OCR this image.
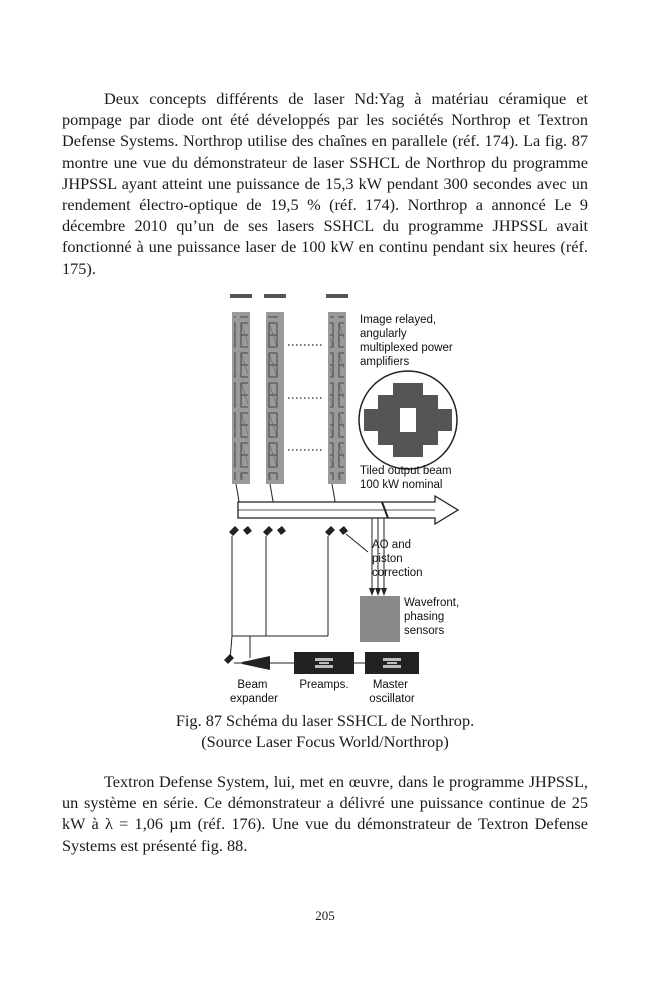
Deux concepts différents de laser Nd:Yag à matériau céramique et pompage par diode ont été développés par les sociétés Northrop et Textron Defense Systems. Northrop utilise des chaînes en parallele (réf. 174). La fig. 87 montre une vue du démonstrateur de laser SSHCL de Northrop du programme JHPSSL ayant atteint une puissance de 15,3 kW pendant 300 secondes avec un rendement électro-optique de 19,5 % (réf. 174). Northrop a annoncé Le 9 décembre 2010 qu’un de ses lasers SSHCL du programme JHPSSL avait fonctionné à une puissance laser de 100 kW en continu pendant six heures (réf. 175).

Image relayed, angularly multiplexed power amplifiers
Tiled output beam 100 kW nominal
AO and piston correction
Wavefront, phasing sensors
Beam expander
Preamps.	Master oscillator
Fig. 87 Schéma du laser SSHCL de Northrop.
(Source Laser Focus World/Northrop)

Textron Defense System, lui, met en œuvre, dans le programme JHPSSL, un système en série. Ce démonstrateur a délivré une puissance continue de 25 kW à λ = 1,06 µm (réf. 176). Une vue du démonstrateur de Textron Defense Systems est présenté fig. 88.

205
